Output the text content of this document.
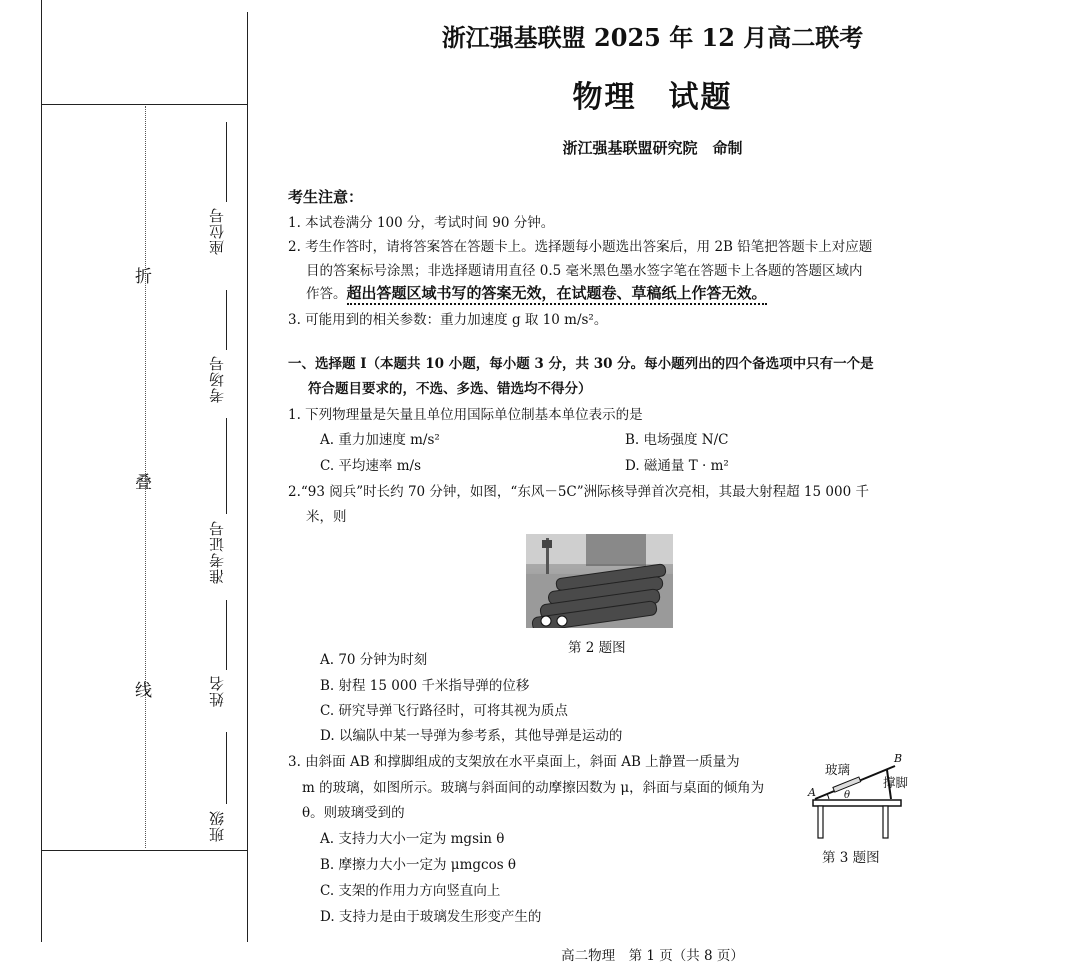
折
叠
线
座位号
考场号
准考证号
姓名
班级
浙江强基联盟 2025 年 12 月高二联考
物理　试题
浙江强基联盟研究院　命制
考生注意：
1. 本试卷满分 100 分，考试时间 90 分钟。
2. 考生作答时，请将答案答在答题卡上。选择题每小题选出答案后，用 2B 铅笔把答题卡上对应题
目的答案标号涂黑；非选择题请用直径 0.5 毫米黑色墨水签字笔在答题卡上各题的答题区域内
作答。超出答题区域书写的答案无效，在试题卷、草稿纸上作答无效。
3. 可能用到的相关参数：重力加速度 g 取 10 m/s²。
一、选择题 Ⅰ（本题共 10 小题，每小题 3 分，共 30 分。每小题列出的四个备选项中只有一个是
符合题目要求的，不选、多选、错选均不得分）
1. 下列物理量是矢量且单位用国际单位制基本单位表示的是
A. 重力加速度 m/s²	B. 电场强度 N/C
C. 平均速率 m/s	D. 磁通量 T · m²
2.“93 阅兵”时长约 70 分钟，如图，“东风－5C”洲际核导弹首次亮相，其最大射程超 15 000 千
米，则
第 2 题图
A. 70 分钟为时刻
B. 射程 15 000 千米指导弹的位移
C. 研究导弹飞行路径时，可将其视为质点
D. 以编队中某一导弹为参考系，其他导弹是运动的
3. 由斜面 AB 和撑脚组成的支架放在水平桌面上，斜面 AB 上静置一质量为
m 的玻璃，如图所示。玻璃与斜面间的动摩擦因数为 μ，斜面与桌面的倾角为
θ。则玻璃受到的
A. 支持力大小一定为 mgsin θ
B. 摩擦力大小一定为 μmgcos θ
C. 支架的作用力方向竖直向上
D. 支持力是由于玻璃发生形变产生的
玻璃
撑脚
A
B
θ
第 3 题图
高二物理　第 1 页（共 8 页）
